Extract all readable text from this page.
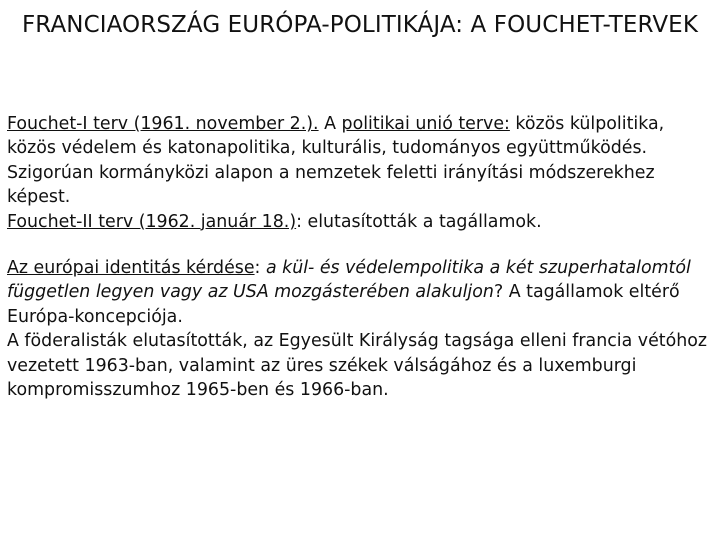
FRANCIAORSZÁG EURÓPA-POLITIKÁJA: A FOUCHET-TERVEK

Fouchet-I terv (1961. november 2.). A politikai unió terve: közös külpolitika, közös védelem és katonapolitika, kulturális, tudományos együttműködés. Szigorúan kormányközi alapon a nemzetek feletti irányítási módszerekhez képest.

Fouchet-II terv (1962. január 18.): elutasították a tagállamok.

Az európai identitás kérdése: a kül- és védelempolitika a két szuperhatalomtól független legyen vagy az USA mozgásterében alakuljon? A tagállamok eltérő Európa-koncepciója.

A föderalisták elutasították, az Egyesült Királyság tagsága elleni francia vétóhoz vezetett 1963-ban, valamint az üres székek válságához és a luxemburgi kompromisszumhoz 1965-ben és 1966-ban.
